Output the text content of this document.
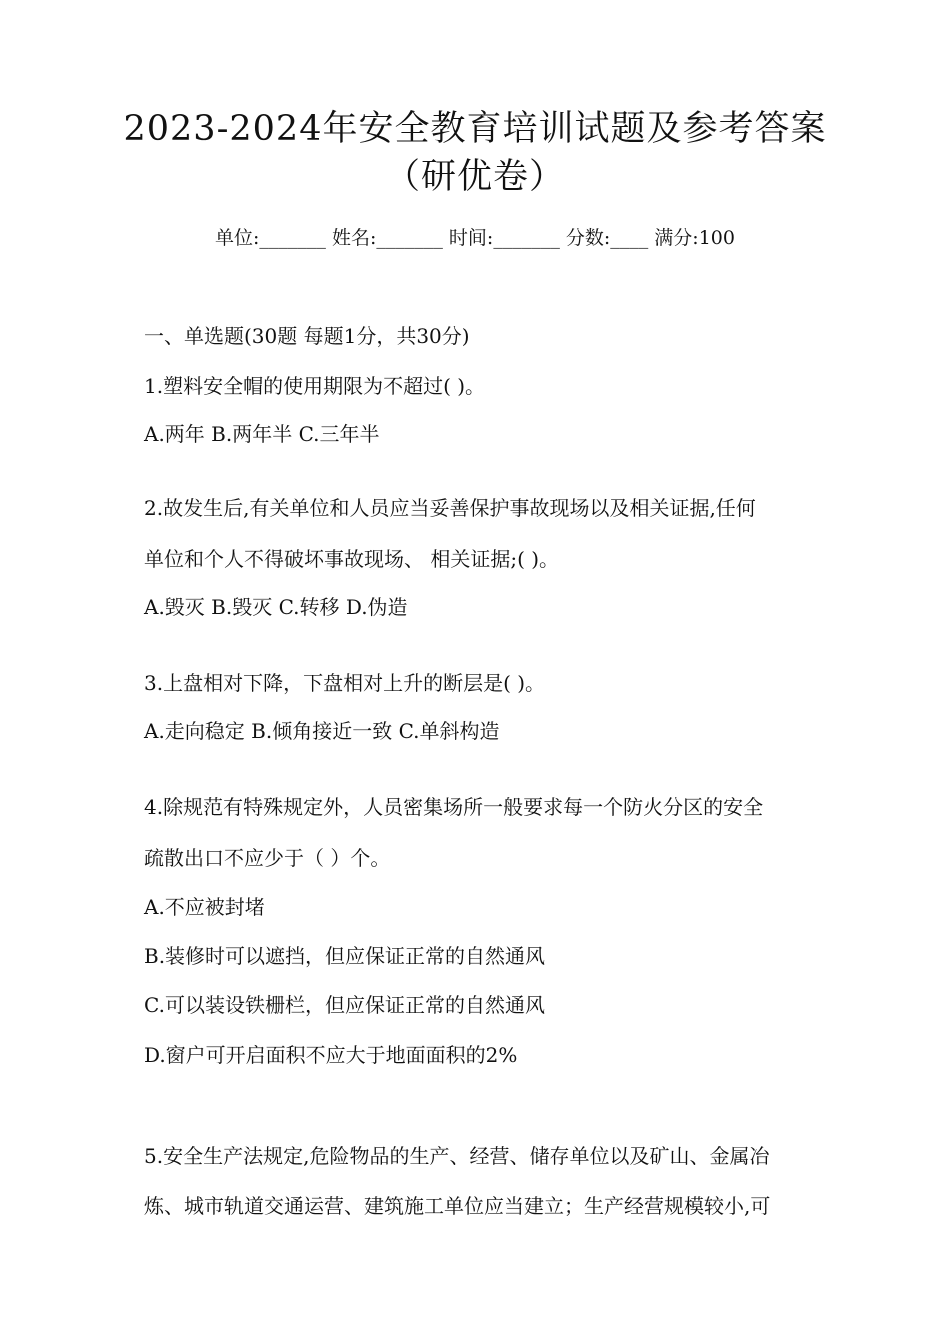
2023-2024年安全教育培训试题及参考答案
（研优卷）
单位:_______ 姓名:_______ 时间:_______ 分数:____ 满分:100
一、单选题(30题 每题1分，共30分)
1.塑料安全帽的使用期限为不超过( )。
A.两年 B.两年半 C.三年半
2.故发生后,有关单位和人员应当妥善保护事故现场以及相关证据,任何
单位和个人不得破坏事故现场、 相关证据;( )。
A.毁灭 B.毁灭 C.转移 D.伪造
3.上盘相对下降，下盘相对上升的断层是( )。
A.走向稳定 B.倾角接近一致 C.单斜构造
4.除规范有特殊规定外，人员密集场所一般要求每一个防火分区的安全
疏散出口不应少于（ ）个。
A.不应被封堵
B.装修时可以遮挡，但应保证正常的自然通风
C.可以装设铁栅栏，但应保证正常的自然通风
D.窗户可开启面积不应大于地面面积的2%
5.安全生产法规定,危险物品的生产、经营、储存单位以及矿山、金属冶
炼、城市轨道交通运营、建筑施工单位应当建立；生产经营规模较小,可
